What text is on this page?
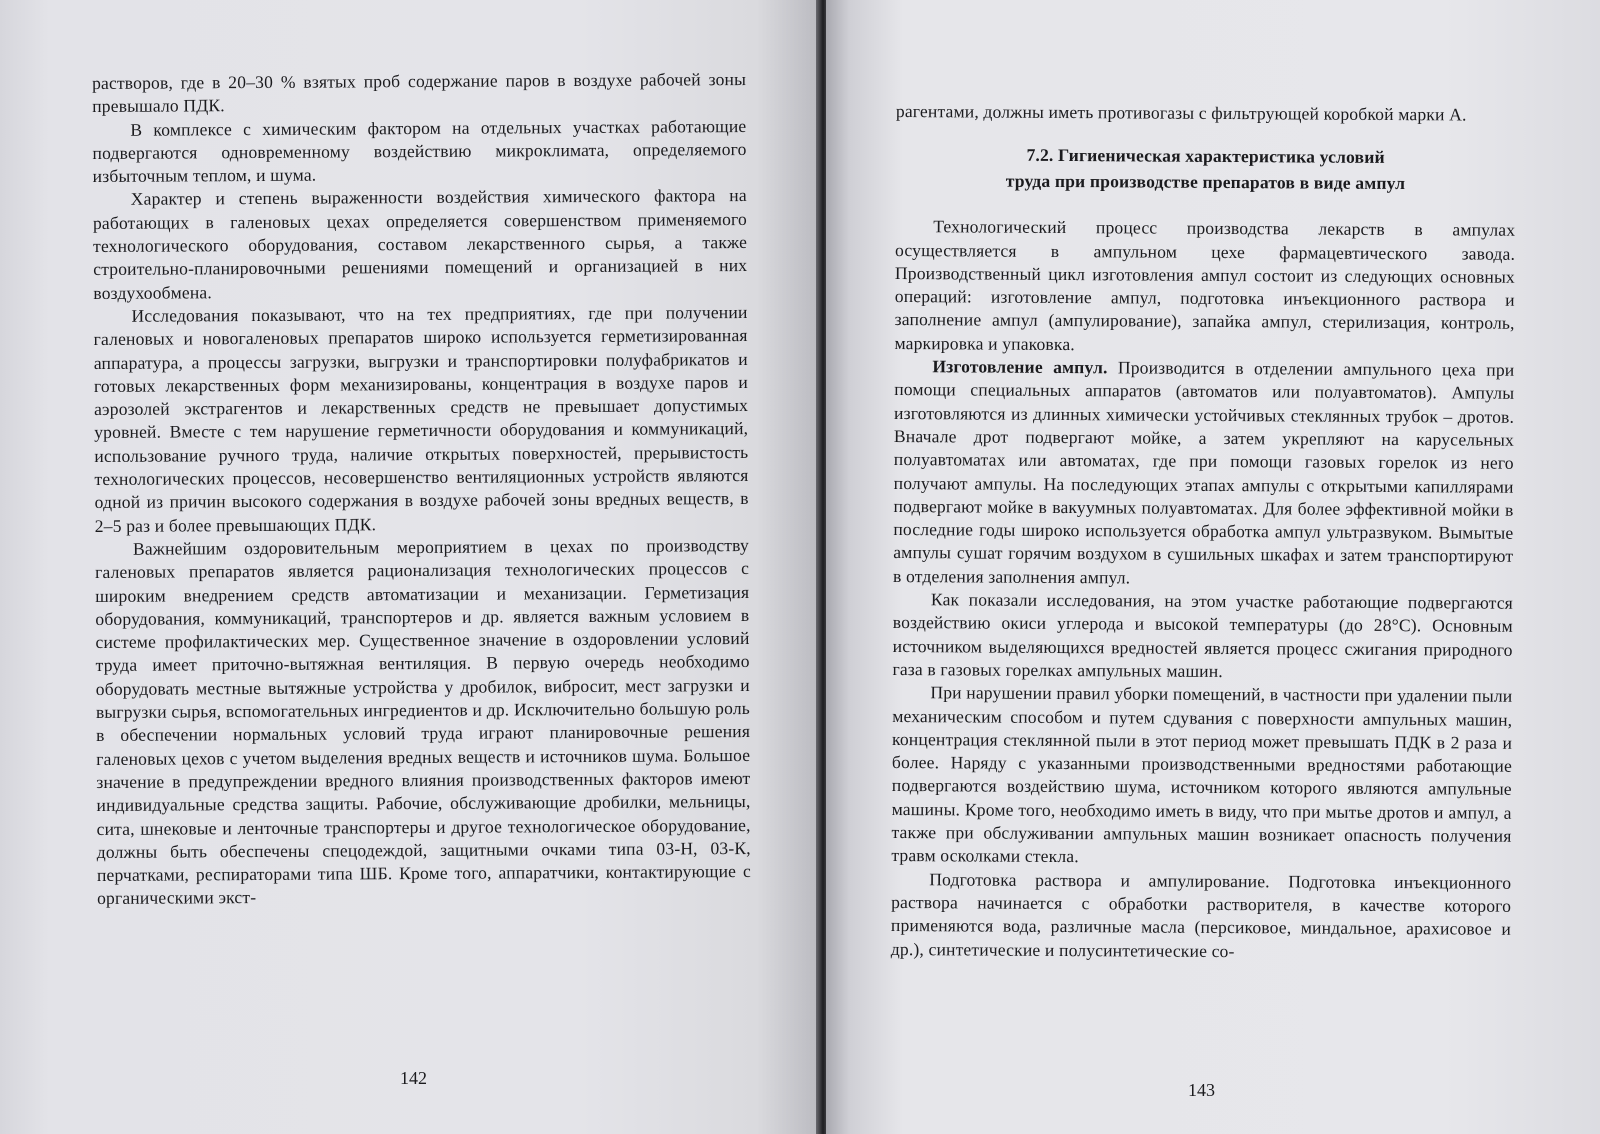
растворов, где в 20–30 % взятых проб содержание паров в воздухе рабочей зоны превышало ПДК.

В комплексе с химическим фактором на отдельных участках работающие подвергаются одновременному воздействию микроклимата, определяемого избыточным теплом, и шума.

Характер и степень выраженности воздействия химического фактора на работающих в галеновых цехах определяется совершенством применяемого технологического оборудования, составом лекарственного сырья, а также строительно-планировочными решениями помещений и организацией в них воздухообмена.

Исследования показывают, что на тех предприятиях, где при получении галеновых и новогаленовых препаратов широко используется герметизированная аппаратура, а процессы загрузки, выгрузки и транспортировки полуфабрикатов и готовых лекарственных форм механизированы, концентрация в воздухе паров и аэрозолей экстрагентов и лекарственных средств не превышает допустимых уровней. Вместе с тем нарушение герметичности оборудования и коммуникаций, использование ручного труда, наличие открытых поверхностей, прерывистость технологических процессов, несовершенство вентиляционных устройств являются одной из причин высокого содержания в воздухе рабочей зоны вредных веществ, в 2–5 раз и более превышающих ПДК.

Важнейшим оздоровительным мероприятием в цехах по производству галеновых препаратов является рационализация технологических процессов с широким внедрением средств автоматизации и механизации. Герметизация оборудования, коммуникаций, транспортеров и др. является важным условием в системе профилактических мер. Существенное значение в оздоровлении условий труда имеет приточно-вытяжная вентиляция. В первую очередь необходимо оборудовать местные вытяжные устройства у дробилок, вибросит, мест загрузки и выгрузки сырья, вспомогательных ингредиентов и др. Исключительно большую роль в обеспечении нормальных условий труда играют планировочные решения галеновых цехов с учетом выделения вредных веществ и источников шума. Большое значение в предупреждении вредного влияния производственных факторов имеют индивидуальные средства защиты. Рабочие, обслуживающие дробилки, мельницы, сита, шнековые и ленточные транспортеры и другое технологическое оборудование, должны быть обеспечены спецодеждой, защитными очками типа 03-Н, 03-К, перчатками, респираторами типа ШБ. Кроме того, аппаратчики, контактирующие с органическими экст-

142

рагентами, должны иметь противогазы с фильтрующей коробкой марки А.

7.2. Гигиеническая характеристика условий
труда при производстве препаратов в виде ампул

Технологический процесс производства лекарств в ампулах осуществляется в ампульном цехе фармацевтического завода. Производственный цикл изготовления ампул состоит из следующих основных операций: изготовление ампул, подготовка инъекционного раствора и заполнение ампул (ампулирование), запайка ампул, стерилизация, контроль, маркировка и упаковка.

Изготовление ампул. Производится в отделении ампульного цеха при помощи специальных аппаратов (автоматов или полуавтоматов). Ампулы изготовляются из длинных химически устойчивых стеклянных трубок – дротов. Вначале дрот подвергают мойке, а затем укрепляют на карусельных полуавтоматах или автоматах, где при помощи газовых горелок из него получают ампулы. На последующих этапах ампулы с открытыми капиллярами подвергают мойке в вакуумных полуавтоматах. Для более эффективной мойки в последние годы широко используется обработка ампул ультразвуком. Вымытые ампулы сушат горячим воздухом в сушильных шкафах и затем транспортируют в отделения заполнения ампул.

Как показали исследования, на этом участке работающие подвергаются воздействию окиси углерода и высокой температуры (до 28°С). Основным источником выделяющихся вредностей является процесс сжигания природного газа в газовых горелках ампульных машин.

При нарушении правил уборки помещений, в частности при удалении пыли механическим способом и путем сдувания с поверхности ампульных машин, концентрация стеклянной пыли в этот период может превышать ПДК в 2 раза и более. Наряду с указанными производственными вредностями работающие подвергаются воздействию шума, источником которого являются ампульные машины. Кроме того, необходимо иметь в виду, что при мытье дротов и ампул, а также при обслуживании ампульных машин возникает опасность получения травм осколками стекла.

Подготовка раствора и ампулирование. Подготовка инъекционного раствора начинается с обработки растворителя, в качестве которого применяются вода, различные масла (персиковое, миндальное, арахисовое и др.), синтетические и полусинтетические со-

143
